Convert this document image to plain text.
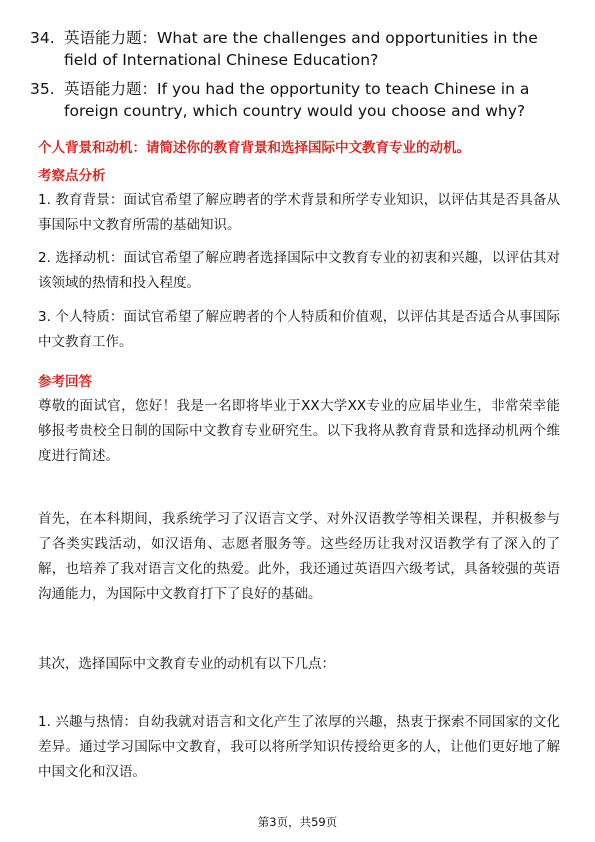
34. 英语能力题：What are the challenges and opportunities in the field of International Chinese Education?
35. 英语能力题：If you had the opportunity to teach Chinese in a foreign country, which country would you choose and why?
个人背景和动机：请简述你的教育背景和选择国际中文教育专业的动机。
考察点分析
1. 教育背景：面试官希望了解应聘者的学术背景和所学专业知识，以评估其是否具备从事国际中文教育所需的基础知识。
2. 选择动机：面试官希望了解应聘者选择国际中文教育专业的初衷和兴趣，以评估其对该领域的热情和投入程度。
3. 个人特质：面试官希望了解应聘者的个人特质和价值观，以评估其是否适合从事国际中文教育工作。
参考回答
尊敬的面试官，您好！我是一名即将毕业于XX大学XX专业的应届毕业生，非常荣幸能够报考贵校全日制的国际中文教育专业研究生。以下我将从教育背景和选择动机两个维度进行简述。
首先，在本科期间，我系统学习了汉语言文学、对外汉语教学等相关课程，并积极参与了各类实践活动，如汉语角、志愿者服务等。这些经历让我对汉语教学有了深入的了解，也培养了我对语言文化的热爱。此外，我还通过英语四六级考试，具备较强的英语沟通能力，为国际中文教育打下了良好的基础。
其次，选择国际中文教育专业的动机有以下几点：
1. 兴趣与热情：自幼我就对语言和文化产生了浓厚的兴趣，热衷于探索不同国家的文化差异。通过学习国际中文教育，我可以将所学知识传授给更多的人，让他们更好地了解中国文化和汉语。
第3页，共59页
